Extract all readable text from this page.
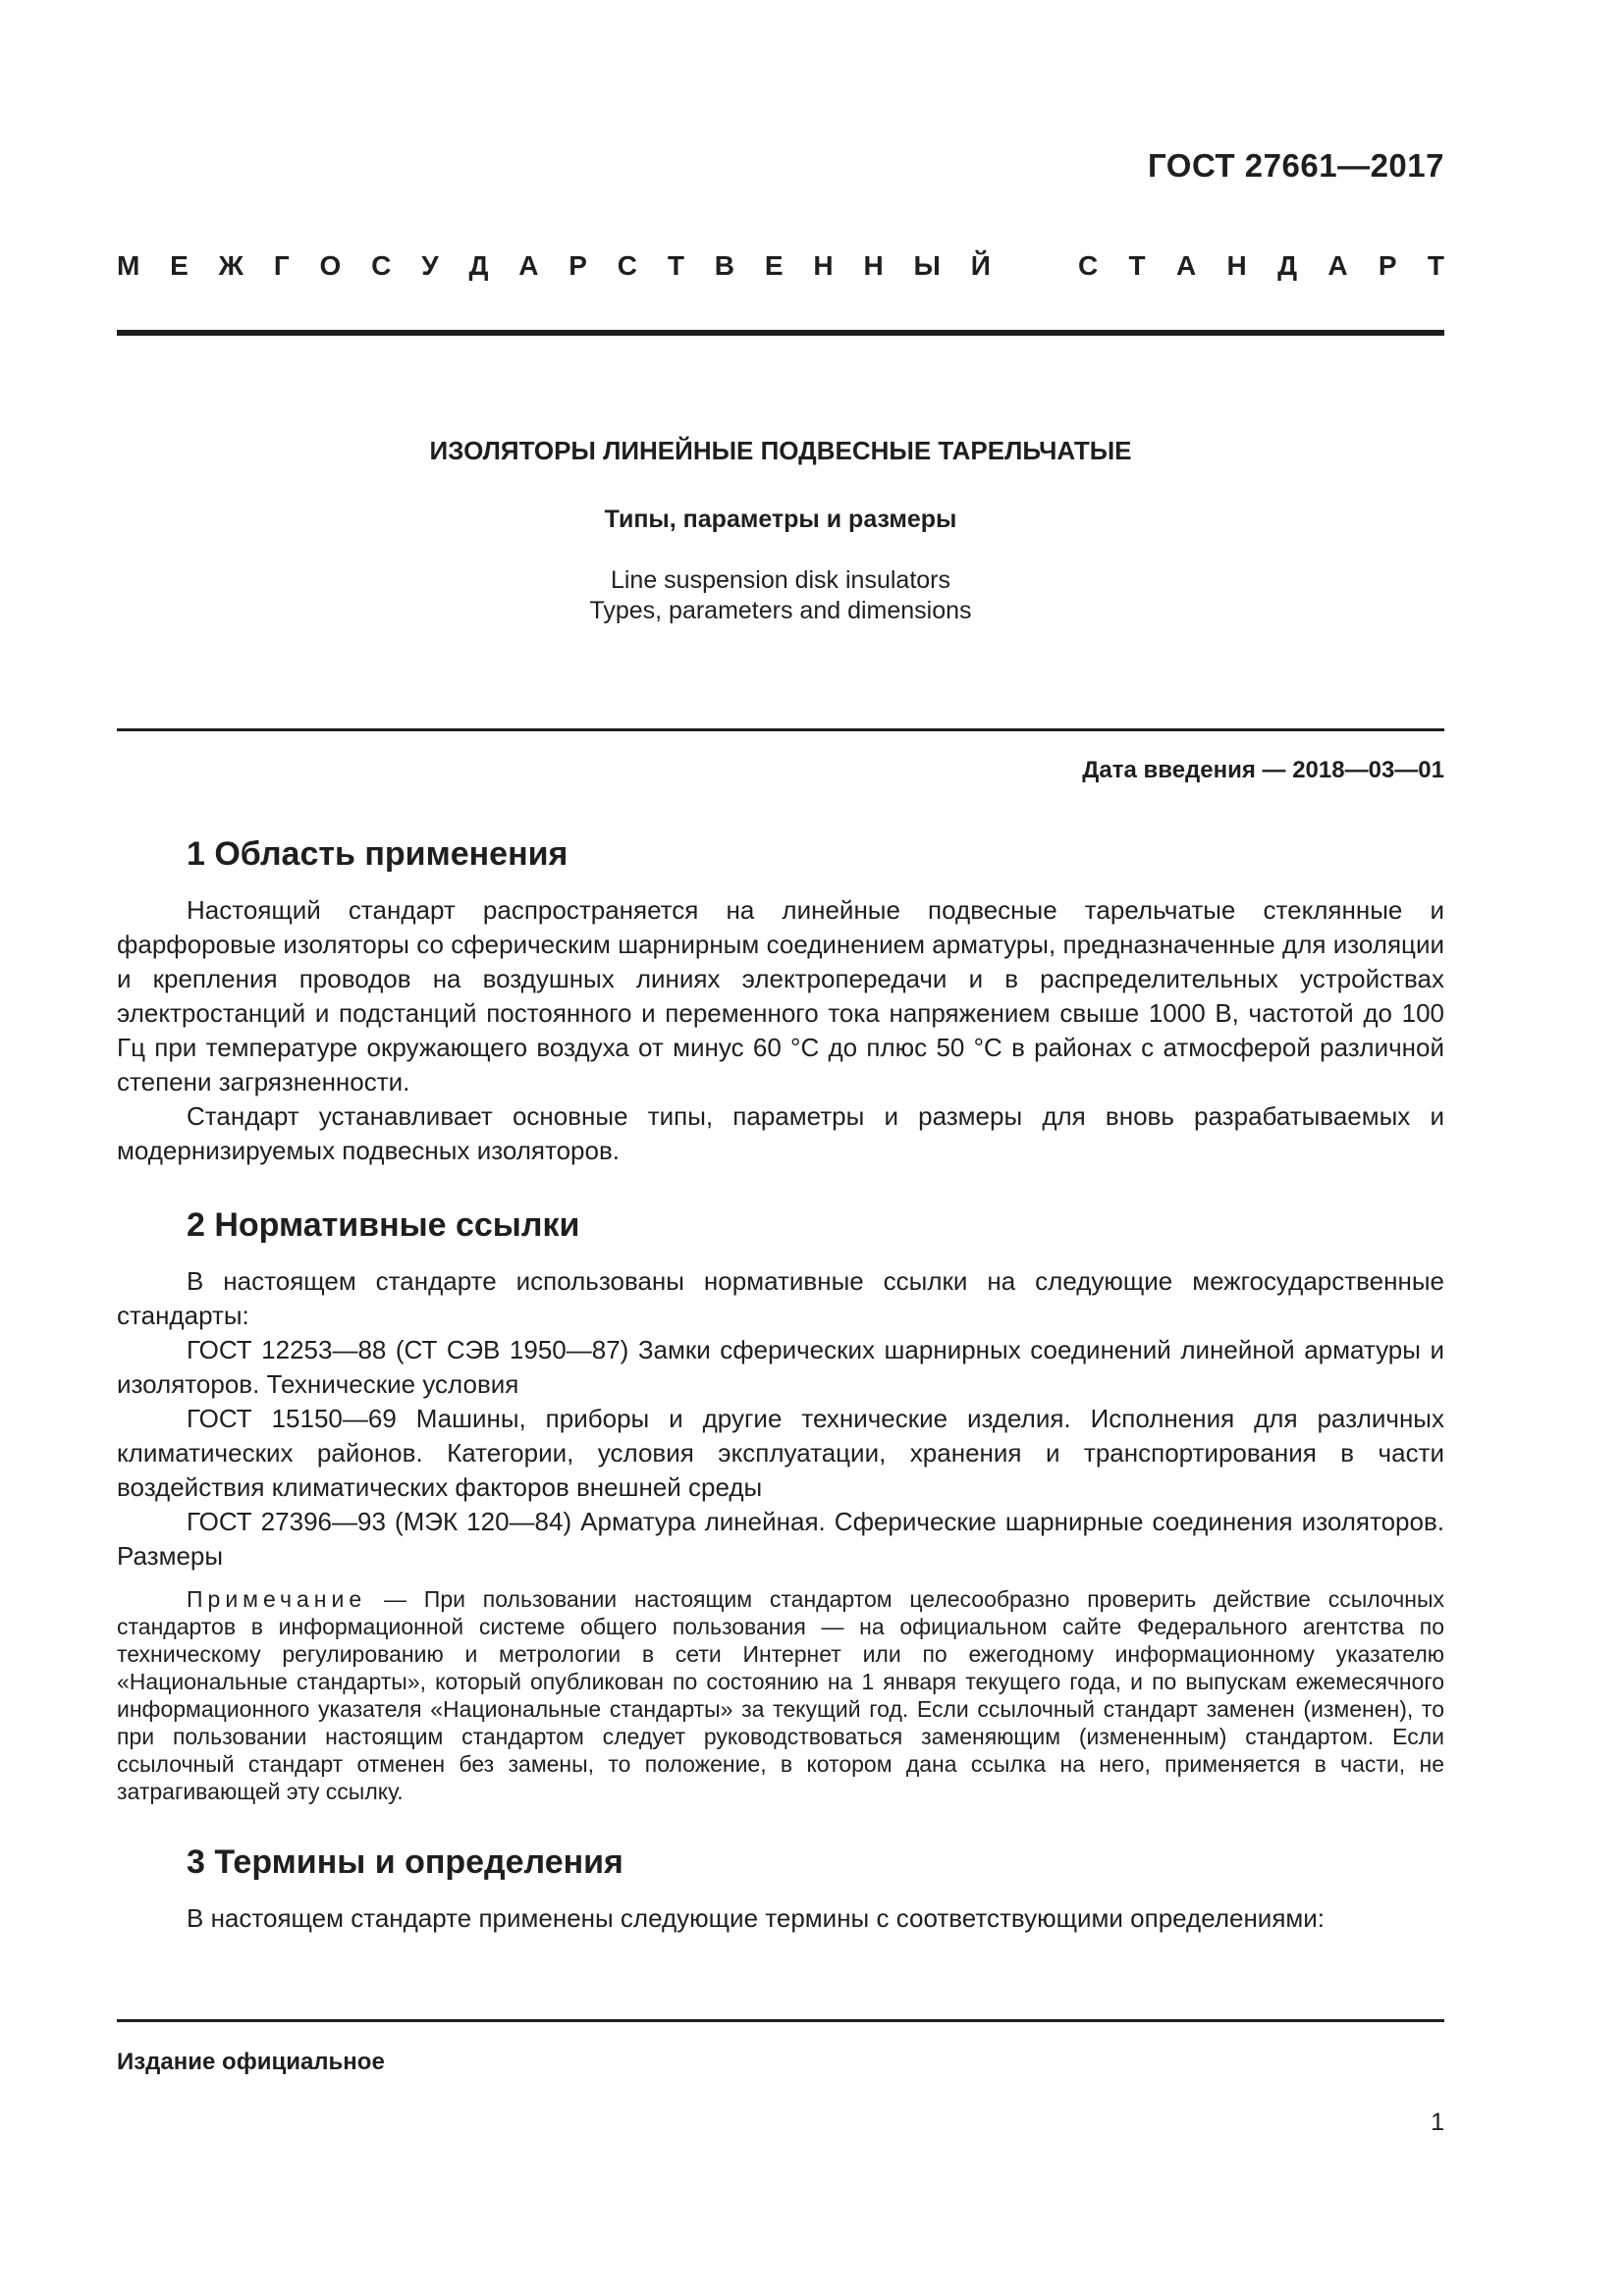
ГОСТ 27661—2017
М Е Ж Г О С У Д А Р С Т В Е Н Н Ы Й	С Т А Н Д А Р Т
ИЗОЛЯТОРЫ ЛИНЕЙНЫЕ ПОДВЕСНЫЕ ТАРЕЛЬЧАТЫЕ
Типы, параметры и размеры
Line suspension disk insulators
Types, parameters and dimensions
Дата введения — 2018—03—01
1 Область применения

Настоящий стандарт распространяется на линейные подвесные тарельчатые стеклянные и фарфоровые изоляторы со сферическим шарнирным соединением арматуры, предназначенные для изоляции и крепления проводов на воздушных линиях электропередачи и в распределительных устройствах электростанций и подстанций постоянного и переменного тока напряжением свыше 1000 В, частотой до 100 Гц при температуре окружающего воздуха от минус 60 °С до плюс 50 °С в районах с атмосферой различной степени загрязненности.

Стандарт устанавливает основные типы, параметры и размеры для вновь разрабатываемых и модернизируемых подвесных изоляторов.

2 Нормативные ссылки

В настоящем стандарте использованы нормативные ссылки на следующие межгосударственные стандарты:

ГОСТ 12253—88 (СТ СЭВ 1950—87) Замки сферических шарнирных соединений линейной арматуры и изоляторов. Технические условия

ГОСТ 15150—69 Машины, приборы и другие технические изделия. Исполнения для различных климатических районов. Категории, условия эксплуатации, хранения и транспортирования в части воздействия климатических факторов внешней среды

ГОСТ 27396—93 (МЭК 120—84) Арматура линейная. Сферические шарнирные соединения изоляторов. Размеры

Примечание — При пользовании настоящим стандартом целесообразно проверить действие ссылочных стандартов в информационной системе общего пользования — на официальном сайте Федерального агентства по техническому регулированию и метрологии в сети Интернет или по ежегодному информационному указателю «Национальные стандарты», который опубликован по состоянию на 1 января текущего года, и по выпускам ежемесячного информационного указателя «Национальные стандарты» за текущий год. Если ссылочный стандарт заменен (изменен), то при пользовании настоящим стандартом следует руководствоваться заменяющим (измененным) стандартом. Если ссылочный стандарт отменен без замены, то положение, в котором дана ссылка на него, применяется в части, не затрагивающей эту ссылку.
3 Термины и определения

В настоящем стандарте применены следующие термины с соответствующими определениями:

Издание официальное
1
